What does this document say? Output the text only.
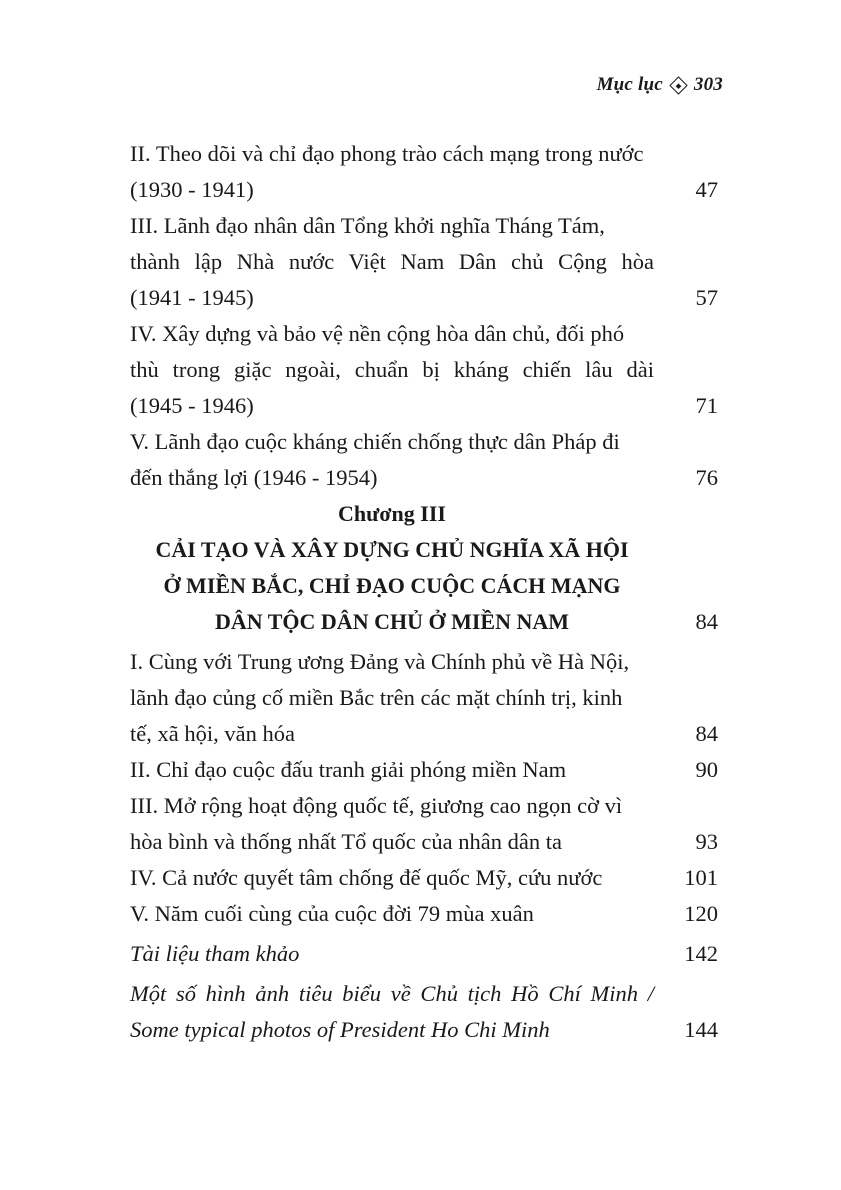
Mục lục 303
II. Theo dõi và chỉ đạo phong trào cách mạng trong nước
(1930 - 1941)	47
III. Lãnh đạo nhân dân Tổng khởi nghĩa Tháng Tám,
thành lập Nhà nước Việt Nam Dân chủ Cộng hòa
(1941 - 1945)	57
IV. Xây dựng và bảo vệ nền cộng hòa dân chủ, đối phó
thù trong giặc ngoài, chuẩn bị kháng chiến lâu dài
(1945 - 1946)	71
V. Lãnh đạo cuộc kháng chiến chống thực dân Pháp đi
đến thắng lợi (1946 - 1954)	76
Chương III
CẢI TẠO VÀ XÂY DỰNG CHỦ NGHĨA XÃ HỘI
Ở MIỀN BẮC, CHỈ ĐẠO CUỘC CÁCH MẠNG
DÂN TỘC DÂN CHỦ Ở MIỀN NAM	84
I. Cùng với Trung ương Đảng và Chính phủ về Hà Nội,
lãnh đạo củng cố miền Bắc trên các mặt chính trị, kinh
tế, xã hội, văn hóa	84
II. Chỉ đạo cuộc đấu tranh giải phóng miền Nam	90
III. Mở rộng hoạt động quốc tế, giương cao ngọn cờ vì
hòa bình và thống nhất Tổ quốc của nhân dân ta	93
IV. Cả nước quyết tâm chống đế quốc Mỹ, cứu nước	101
V. Năm cuối cùng của cuộc đời 79 mùa xuân	120
Tài liệu tham khảo	142
Một số hình ảnh tiêu biểu về Chủ tịch Hồ Chí Minh /
Some typical photos of President Ho Chi Minh	144
